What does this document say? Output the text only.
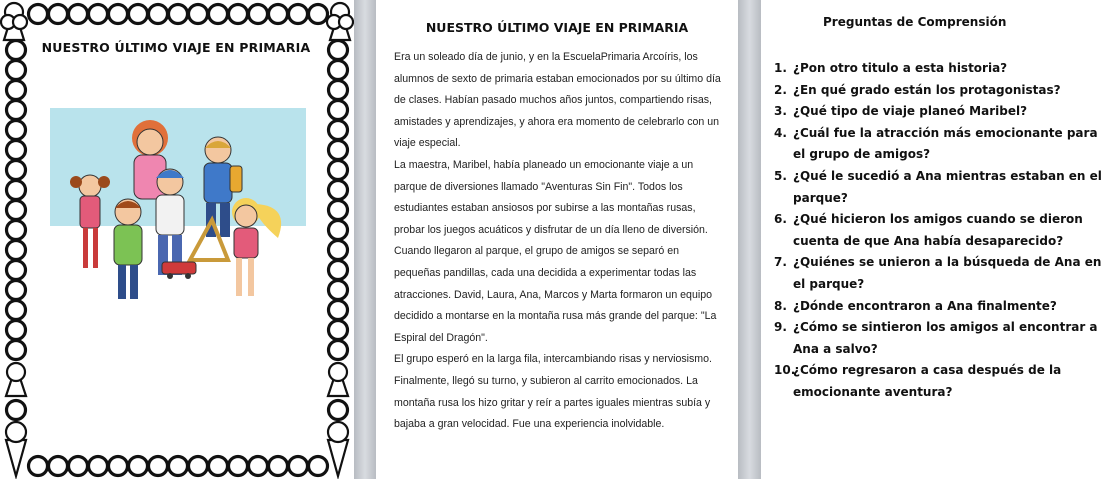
NUESTRO ÚLTIMO VIAJE EN PRIMARIA
NUESTRO ÚLTIMO VIAJE EN PRIMARIA

Era un soleado día de junio, y en la EscuelaPrimaria Arcoíris, los alumnos de sexto de primaria estaban emocionados por su último día de clases. Habían pasado muchos años juntos, compartiendo risas, amistades y aprendizajes, y ahora era momento de celebrarlo con un viaje especial.

La maestra, Maribel, había planeado un emocionante viaje a un parque de diversiones llamado "Aventuras Sin Fin". Todos los estudiantes estaban ansiosos por subirse a las montañas rusas, probar los juegos acuáticos y disfrutar de un día lleno de diversión. Cuando llegaron al parque, el grupo de amigos se separó en pequeñas pandillas, cada una decidida a experimentar todas las atracciones. David, Laura, Ana, Marcos y Marta formaron un equipo decidido a montarse en la montaña rusa más grande del parque: "La Espiral del Dragón".

El grupo esperó en la larga fila, intercambiando risas y nerviosismo. Finalmente, llegó su turno, y subieron al carrito emocionados. La montaña rusa los hizo gritar y reír a partes iguales mientras subía y bajaba a gran velocidad. Fue una experiencia inolvidable.

Preguntas de Comprensión
1. ¿Pon otro titulo a esta historia?
2. ¿En qué grado están los protagonistas?
3. ¿Qué tipo de viaje planeó Maribel?
4. ¿Cuál fue la atracción más emocionante para el grupo de amigos?
5. ¿Qué le sucedió a Ana mientras estaban en el parque?
6. ¿Qué hicieron los amigos cuando se dieron cuenta de que Ana había desaparecido?
7. ¿Quiénes se unieron a la búsqueda de Ana en el parque?
8. ¿Dónde encontraron a Ana finalmente?
9. ¿Cómo se sintieron los amigos al encontrar a Ana a salvo?
10.
¿Cómo regresaron a casa después de la emocionante aventura?
